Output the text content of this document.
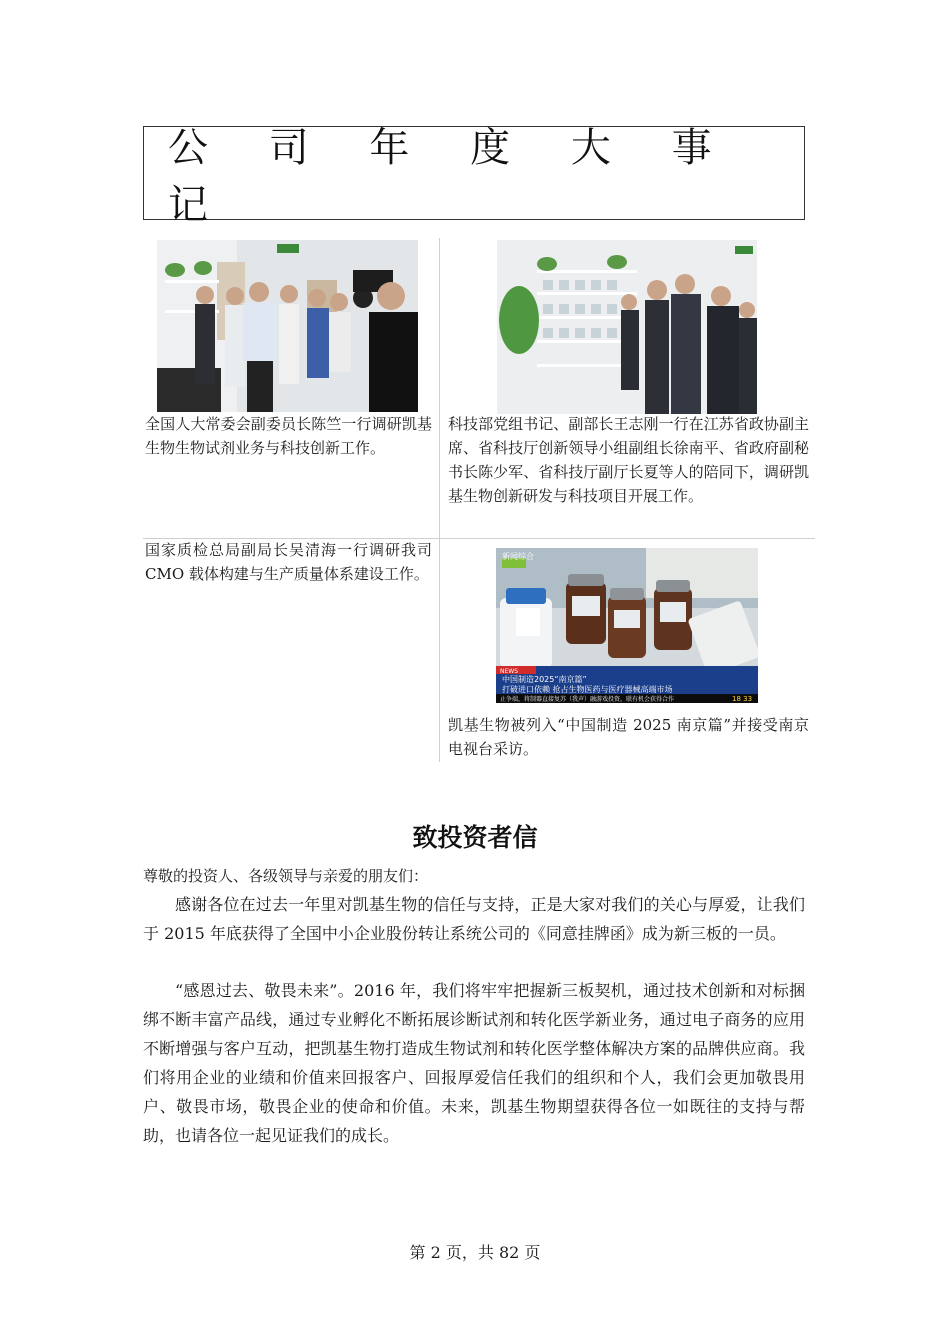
公 司 年 度 大 事 记
全国人大常委会副委员长陈竺一行调研凯基生物生物试剂业务与科技创新工作。
科技部党组书记、副部长王志刚一行在江苏省政协副主席、省科技厅创新领导小组副组长徐南平、省政府副秘书长陈少军、省科技厅副厅长夏等人的陪同下，调研凯基生物创新研发与科技项目开展工作。
国家质检总局副局长吴清海一行调研我司 CMO 载体构建与生产质量体系建设工作。
新闻综合
NEWS
中国制造2025“南京篇”
打破进口依赖 抢占生物医药与医疗器械高端市场
止争端，将制器直接复苏（我声）融游戏投资，联有机会获得合作	18 33
凯基生物被列入“中国制造 2025 南京篇”并接受南京电视台采访。
致投资者信
尊敬的投资人、各级领导与亲爱的朋友们：

感谢各位在过去一年里对凯基生物的信任与支持，正是大家对我们的关心与厚爱，让我们于 2015 年底获得了全国中小企业股份转让系统公司的《同意挂牌函》成为新三板的一员。

“感恩过去、敬畏未来”。2016 年，我们将牢牢把握新三板契机，通过技术创新和对标捆绑不断丰富产品线，通过专业孵化不断拓展诊断试剂和转化医学新业务，通过电子商务的应用不断增强与客户互动，把凯基生物打造成生物试剂和转化医学整体解决方案的品牌供应商。我们将用企业的业绩和价值来回报客户、回报厚爱信任我们的组织和个人，我们会更加敬畏用户、敬畏市场，敬畏企业的使命和价值。未来，凯基生物期望获得各位一如既往的支持与帮助，也请各位一起见证我们的成长。

第 2 页，共 82 页
